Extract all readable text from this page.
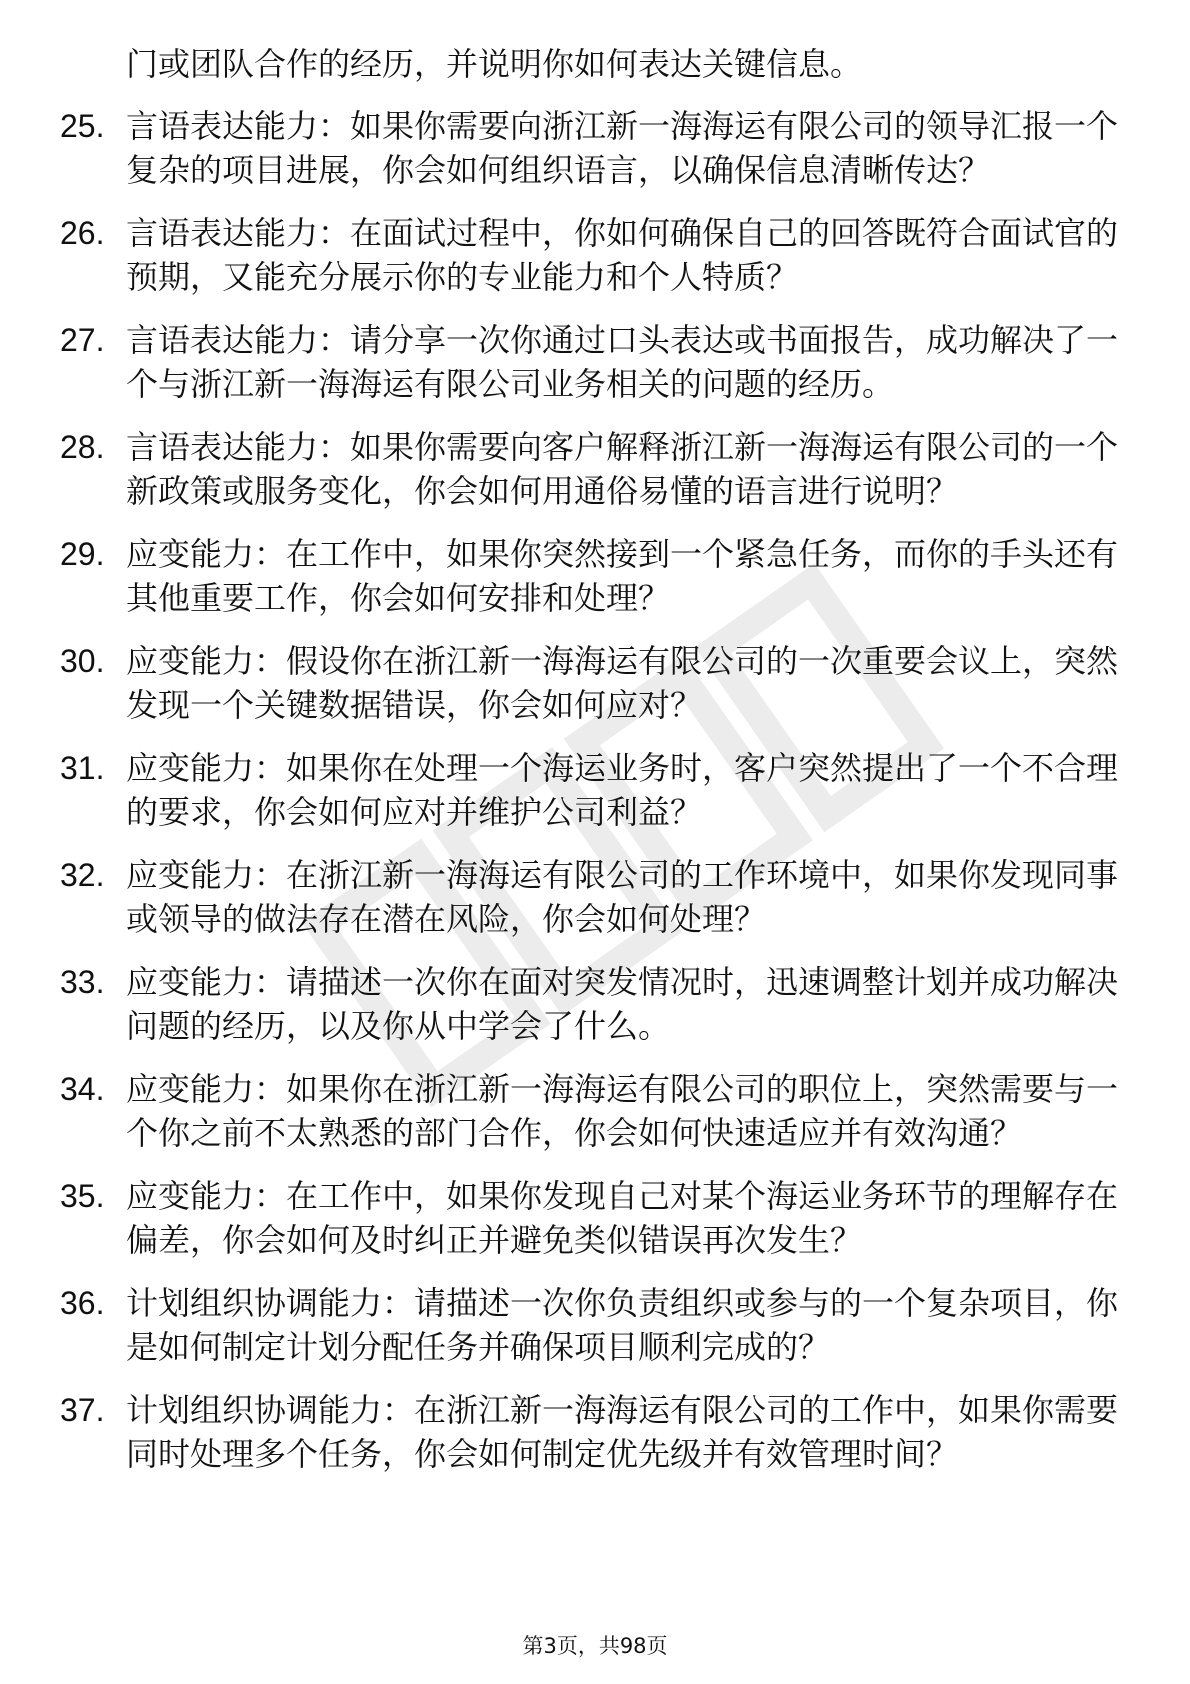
门或团队合作的经历，并说明你如何表达关键信息。
25. 言语表达能力：如果你需要向浙江新一海海运有限公司的领导汇报一个复杂的项目进展，你会如何组织语言，以确保信息清晰传达？
26. 言语表达能力：在面试过程中，你如何确保自己的回答既符合面试官的预期，又能充分展示你的专业能力和个人特质？
27. 言语表达能力：请分享一次你通过口头表达或书面报告，成功解决了一个与浙江新一海海运有限公司业务相关的问题的经历。
28. 言语表达能力：如果你需要向客户解释浙江新一海海运有限公司的一个新政策或服务变化，你会如何用通俗易懂的语言进行说明？
29. 应变能力：在工作中，如果你突然接到一个紧急任务，而你的手头还有其他重要工作，你会如何安排和处理？
30. 应变能力：假设你在浙江新一海海运有限公司的一次重要会议上，突然发现一个关键数据错误，你会如何应对？
31. 应变能力：如果你在处理一个海运业务时，客户突然提出了一个不合理的要求，你会如何应对并维护公司利益？
32. 应变能力：在浙江新一海海运有限公司的工作环境中，如果你发现同事或领导的做法存在潜在风险，你会如何处理？
33. 应变能力：请描述一次你在面对突发情况时，迅速调整计划并成功解决问题的经历，以及你从中学会了什么。
34. 应变能力：如果你在浙江新一海海运有限公司的职位上，突然需要与一个你之前不太熟悉的部门合作，你会如何快速适应并有效沟通？
35. 应变能力：在工作中，如果你发现自己对某个海运业务环节的理解存在偏差，你会如何及时纠正并避免类似错误再次发生？
36. 计划组织协调能力：请描述一次你负责组织或参与的一个复杂项目，你是如何制定计划分配任务并确保项目顺利完成的？
37. 计划组织协调能力：在浙江新一海海运有限公司的工作中，如果你需要同时处理多个任务，你会如何制定优先级并有效管理时间？
第3页，共98页
